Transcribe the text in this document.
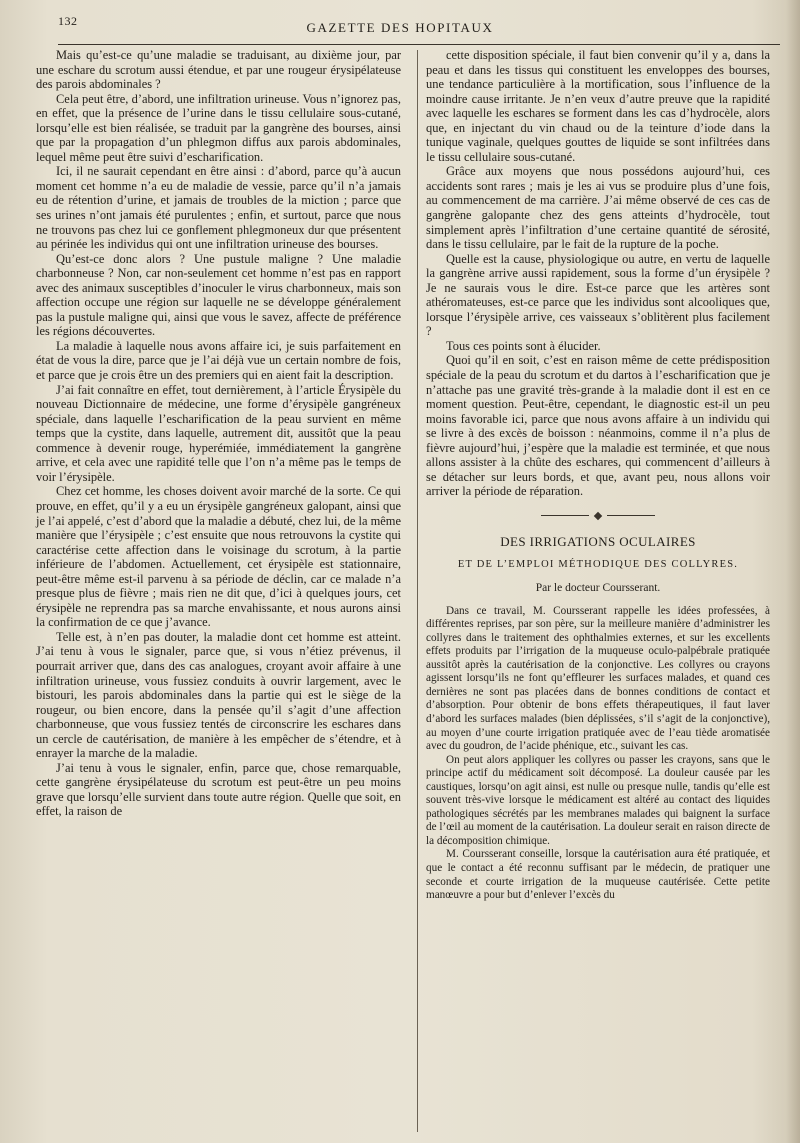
132	GAZETTE DES HOPITAUX

Mais qu’est-ce qu’une maladie se traduisant, au dixième jour, par une eschare du scrotum aussi étendue, et par une rougeur érysipélateuse des parois abdominales ?

Cela peut être, d’abord, une infiltration urineuse. Vous n’ignorez pas, en effet, que la présence de l’urine dans le tissu cellulaire sous-cutané, lorsqu’elle est bien réalisée, se traduit par la gangrène des bourses, ainsi que par la propagation d’un phlegmon diffus aux parois abdominales, lequel même peut être suivi d’escharification.

Ici, il ne saurait cependant en être ainsi : d’abord, parce qu’à aucun moment cet homme n’a eu de maladie de vessie, parce qu’il n’a jamais eu de rétention d’urine, et jamais de troubles de la miction ; parce que ses urines n’ont jamais été purulentes ; enfin, et surtout, parce que nous ne trouvons pas chez lui ce gonflement phlegmoneux dur que présentent au périnée les individus qui ont une infiltration urineuse des bourses.

Qu’est-ce donc alors ? Une pustule maligne ? Une maladie charbonneuse ? Non, car non-seulement cet homme n’est pas en rapport avec des animaux susceptibles d’inoculer le virus charbonneux, mais son affection occupe une région sur laquelle ne se développe généralement pas la pustule maligne qui, ainsi que vous le savez, affecte de préférence les régions découvertes.

La maladie à laquelle nous avons affaire ici, je suis parfaitement en état de vous la dire, parce que je l’ai déjà vue un certain nombre de fois, et parce que je crois être un des premiers qui en aient fait la description.

J’ai fait connaître en effet, tout dernièrement, à l’article Érysipèle du nouveau Dictionnaire de médecine, une forme d’érysipèle gangréneux spéciale, dans laquelle l’escharification de la peau survient en même temps que la cystite, dans laquelle, autrement dit, aussitôt que la peau commence à devenir rouge, hyperémiée, immédiatement la gangrène arrive, et cela avec une rapidité telle que l’on n’a même pas le temps de voir l’érysipèle.

Chez cet homme, les choses doivent avoir marché de la sorte. Ce qui prouve, en effet, qu’il y a eu un érysipèle gangréneux galopant, ainsi que je l’ai appelé, c’est d’abord que la maladie a débuté, chez lui, de la même manière que l’érysipèle ; c’est ensuite que nous retrouvons la cystite qui caractérise cette affection dans le voisinage du scrotum, à la partie inférieure de l’abdomen. Actuellement, cet érysipèle est stationnaire, peut-être même est-il parvenu à sa période de déclin, car ce malade n’a presque plus de fièvre ; mais rien ne dit que, d’ici à quelques jours, cet érysipèle ne reprendra pas sa marche envahissante, et nous aurons ainsi la confirmation de ce que j’avance.

Telle est, à n’en pas douter, la maladie dont cet homme est atteint. J’ai tenu à vous le signaler, parce que, si vous n’étiez prévenus, il pourrait arriver que, dans des cas analogues, croyant avoir affaire à une infiltration urineuse, vous fussiez conduits à ouvrir largement, avec le bistouri, les parois abdominales dans la partie qui est le siège de la rougeur, ou bien encore, dans la pensée qu’il s’agit d’une affection charbonneuse, que vous fussiez tentés de circonscrire les eschares dans un cercle de cautérisation, de manière à les empêcher de s’étendre, et à enrayer la marche de la maladie.

J’ai tenu à vous le signaler, enfin, parce que, chose remarquable, cette gangrène érysipélateuse du scrotum est peut-être un peu moins grave que lorsqu’elle survient dans toute autre région. Quelle que soit, en effet, la raison de

cette disposition spéciale, il faut bien convenir qu’il y a, dans la peau et dans les tissus qui constituent les enveloppes des bourses, une tendance particulière à la mortification, sous l’influence de la moindre cause irritante. Je n’en veux d’autre preuve que la rapidité avec laquelle les eschares se forment dans les cas d’hydrocèle, alors que, en injectant du vin chaud ou de la teinture d’iode dans la tunique vaginale, quelques gouttes de liquide se sont infiltrées dans le tissu cellulaire sous-cutané.

Grâce aux moyens que nous possédons aujourd’hui, ces accidents sont rares ; mais je les ai vus se produire plus d’une fois, au commencement de ma carrière. J’ai même observé de ces cas de gangrène galopante chez des gens atteints d’hydrocèle, tout simplement après l’infiltration d’une certaine quantité de sérosité, dans le tissu cellulaire, par le fait de la rupture de la poche.

Quelle est la cause, physiologique ou autre, en vertu de laquelle la gangrène arrive aussi rapidement, sous la forme d’un érysipèle ? Je ne saurais vous le dire. Est-ce parce que les artères sont athéromateuses, est-ce parce que les individus sont alcooliques que, lorsque l’érysipèle arrive, ces vaisseaux s’oblitèrent plus facilement ?

Tous ces points sont à élucider.

Quoi qu’il en soit, c’est en raison même de cette prédisposition spéciale de la peau du scrotum et du dartos à l’escharification que je n’attache pas une gravité très-grande à la maladie dont il est en ce moment question. Peut-être, cependant, le diagnostic est-il un peu moins favorable ici, parce que nous avons affaire à un individu qui se livre à des excès de boisson : néanmoins, comme il n’a plus de fièvre aujourd’hui, j’espère que la maladie est terminée, et que nous allons assister à la chûte des eschares, qui commencent d’ailleurs à se détacher sur leurs bords, et que, avant peu, nous allons voir arriver la période de réparation.

DES IRRIGATIONS OCULAIRES
ET DE L’EMPLOI MÉTHODIQUE DES COLLYRES.
Par le docteur Coursserant.

Dans ce travail, M. Coursserant rappelle les idées professées, à différentes reprises, par son père, sur la meilleure manière d’administrer les collyres dans le traitement des ophthalmies externes, et sur les excellents effets produits par l’irrigation de la muqueuse oculo-palpébrale pratiquée aussitôt après la cautérisation de la conjonctive. Les collyres ou crayons agissent lorsqu’ils ne font qu’effleurer les surfaces malades, et quand ces dernières ne sont pas placées dans de bonnes conditions de contact et d’absorption. Pour obtenir de bons effets thérapeutiques, il faut laver d’abord les surfaces malades (bien déplissées, s’il s’agit de la conjonctive), au moyen d’une courte irrigation pratiquée avec de l’eau tiède aromatisée avec du goudron, de l’acide phénique, etc., suivant les cas.

On peut alors appliquer les collyres ou passer les crayons, sans que le principe actif du médicament soit décomposé. La douleur causée par les caustiques, lorsqu’on agit ainsi, est nulle ou presque nulle, tandis qu’elle est souvent très-vive lorsque le médicament est altéré au contact des liquides pathologiques sécrétés par les membranes malades qui baignent la surface de l’œil au moment de la cautérisation. La douleur serait en raison directe de la décomposition chimique.

M. Coursserant conseille, lorsque la cautérisation aura été pratiquée, et que le contact a été reconnu suffisant par le médecin, de pratiquer une seconde et courte irrigation de la muqueuse cautérisée. Cette petite manœuvre a pour but d’enlever l’excès du
